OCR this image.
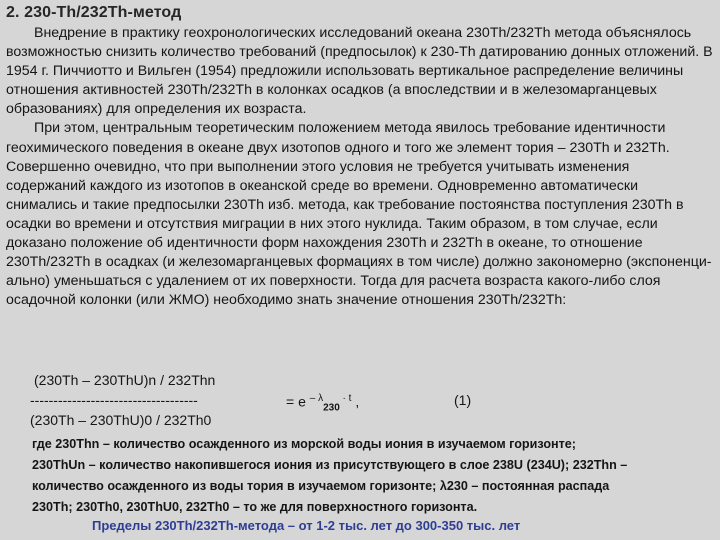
2. 230-Th/232Th-метод

Внедрение в практику геохронологических исследований океана 230Th/232Th метода объяснялось возможностью снизить количество требований (предпосылок) к 230-Th датированию донных отложений. В 1954 г. Пиччиотто и Вильген (1954) предложили использовать вертикальное распределение величины отношения активностей 230Th/232Th в колонках осадков (а впоследствии и в железомарганцевых образованиях) для определения их возраста.

При этом, центральным теоретическим положением метода явилось требование идентичности геохимического поведения в океане двух изотопов одного и того же элемент тория – 230Th и 232Th. Совершенно очевидно, что при выполнении этого условия не требуется учитывать изменения содержаний каждого из изотопов в океанской среде во времени. Одновременно автоматически снимались и такие предпосылки 230Th изб. метода, как требование постоянства поступления 230Th в осадки во времени и отсутствия миграции в них этого нуклида. Таким образом, в том случае, если доказано положение об идентичности форм нахождения 230Th и 232Th в океане, то отношение 230Th/232Th в осадках (и железомарганцевых формациях в том числе) должно закономерно (экспоненци-ально) уменьшаться с удалением от их поверхности. Тогда для расчета возраста какого-либо слоя осадочной колонки (или ЖМО) необходимо знать значение отношения 230Th/232Th:

(230Th – 230ThU)n / 232Thn
------------------------------------
(230Th – 230ThU)0 / 232Th0
= e $^{- \lambda}_{230}$ $^{\cdot t}$ ,	(1)

где 230Thn – количество осажденного из морской воды иония в изучаемом горизонте;

230ThUn – количество накопившегося иония из присутствующего в слое 238U (234U); 232Thn –

количество осажденного из воды тория в изучаемом горизонте; λ230 – постоянная распада

230Th; 230Th0, 230ThU0, 232Th0 – то же для поверхностного горизонта.

Пределы 230Th/232Th-метода – от 1-2 тыс. лет до 300-350 тыс. лет
